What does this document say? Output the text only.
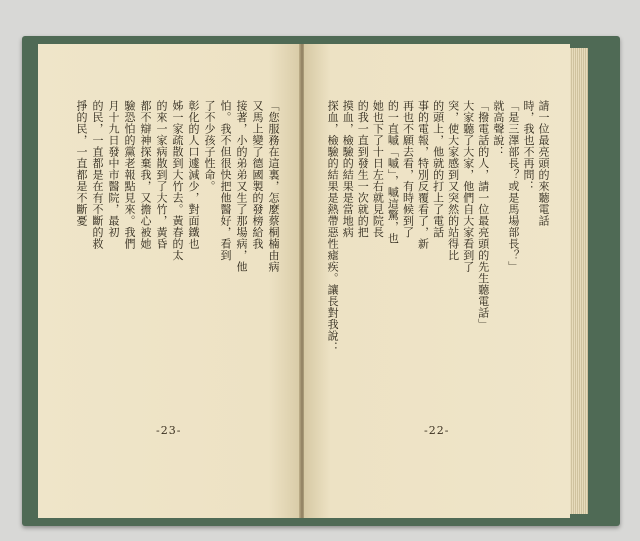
「您服務在這裏，怎麼蔡桐楠由病
又馬上變了德國製的發榜給我
接著，小的弟弟又生了那場病，他
怕。我不但很快把他醫好，看到
了不少孩子性命。
彰化的人口遽減少，對面鐵也
姊一家疏散到大竹去。黃春的太
的來一家病散到了大竹，黃昏
都不辯神探棄我，又擔心被她
驗恐怕的黨老報點見來。我們
月十九日發中市醫院，最初
的民，一直都是在有不斷的救
掙的民，一直都是不斷憂
-23-
請一位最亮頭的來聽電話
時，我也不再問：
「是三澤部長？或是馬場部長？」
就高聲說：
「撥電話的人，請一位最亮頭的先生聽電話」
大家聽了大家，他們自大家看到了
突，使大家感到又突然的站得比
的頭上，他就的打上了電話
事的電報，特別反覆看了，新
再也不願去看，有時候到了
的一直嘁「嘁」，嘁這驚，也
她也下了十日左右就見院長
的我一直到發生一次就的把
摸血，檢驗的結果是當地病
探血，檢驗的結果是熱帶惡性瘧疾。讓長對我說：
-22-
